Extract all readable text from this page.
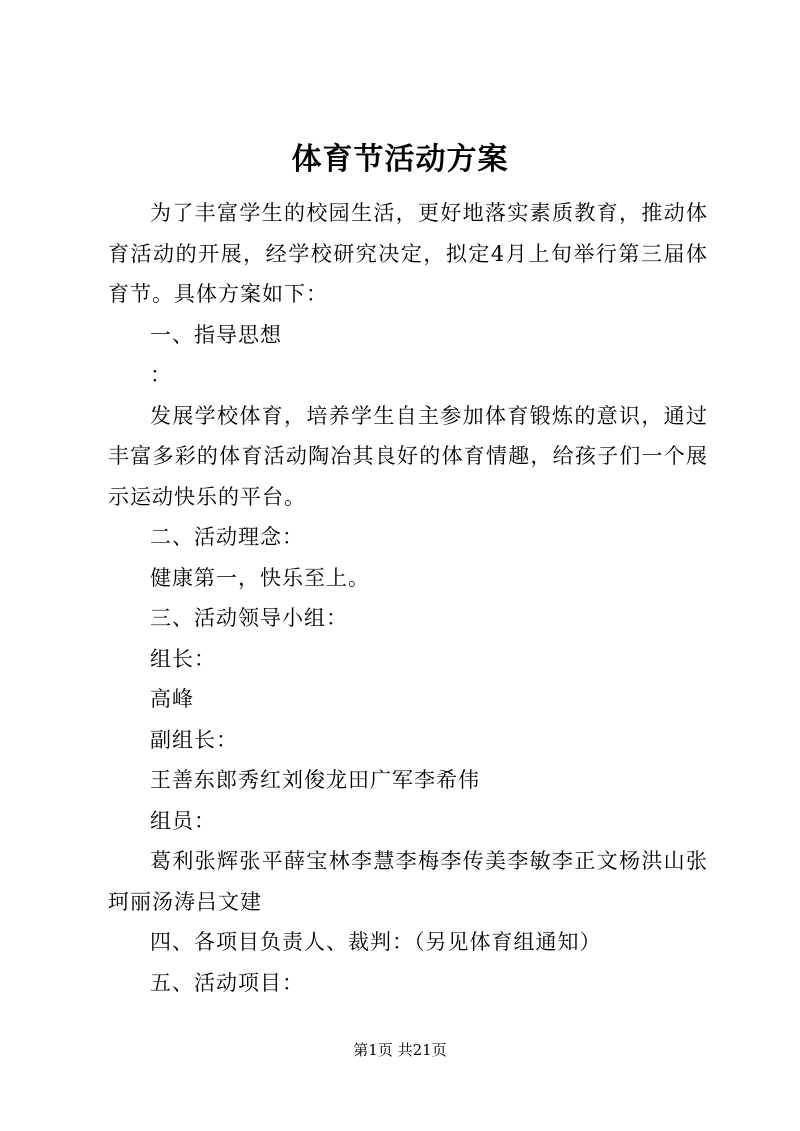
体育节活动方案

为了丰富学生的校园生活，更好地落实素质教育，推动体育活动的开展，经学校研究决定，拟定4月上旬举行第三届体育节。具体方案如下：

一、指导思想

：

发展学校体育，培养学生自主参加体育锻炼的意识，通过丰富多彩的体育活动陶冶其良好的体育情趣，给孩子们一个展示运动快乐的平台。

二、活动理念：

健康第一，快乐至上。

三、活动领导小组：

组长：

高峰

副组长：

王善东郎秀红刘俊龙田广军李希伟

组员：

葛利张辉张平薛宝林李慧李梅李传美李敏李正文杨洪山张珂丽汤涛吕文建

四、各项目负责人、裁判：（另见体育组通知）

五、活动项目：

第1页 共21页
